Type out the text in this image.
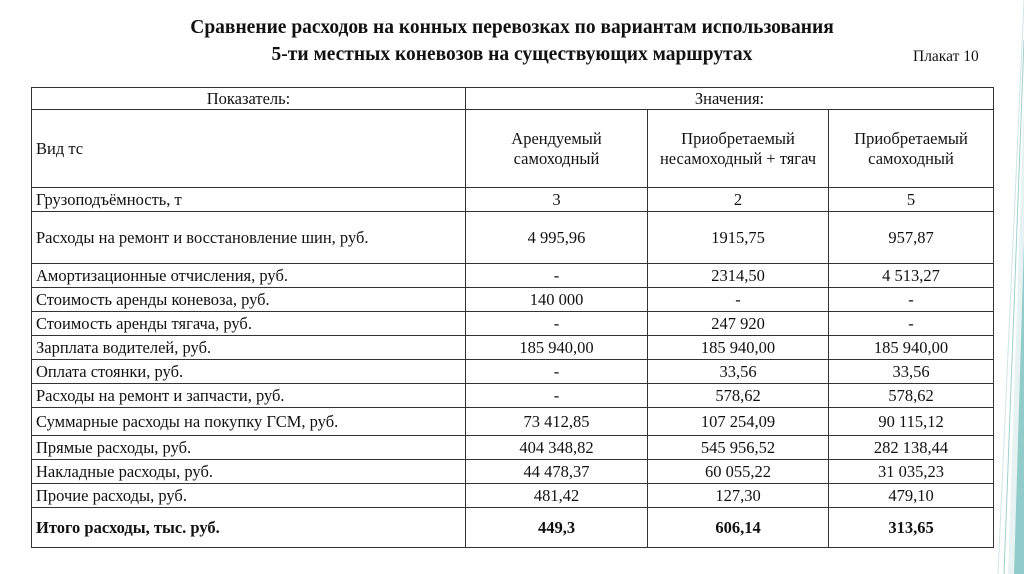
Сравнение расходов на конных перевозках по вариантам использования
5-ти местных коневозов на существующих маршрутах	Плакат 10
Показатель:	Значения:		
Вид тс	Арендуемый самоходный	Приобретаемый несамоходный + тягач	Приобретаемый самоходный
Грузоподъёмность, т	3	2	5
Расходы на ремонт и восстановление шин, руб.	4 995,96	1915,75	957,87
Амортизационные отчисления, руб.	-	2314,50	4 513,27
Стоимость аренды коневоза, руб.	140 000	-	-
Стоимость аренды тягача, руб.	-	247 920	-
Зарплата водителей, руб.	185 940,00	185 940,00	185 940,00
Оплата стоянки, руб.	-	33,56	33,56
Расходы на ремонт и запчасти, руб.	-	578,62	578,62
Суммарные расходы на покупку ГСМ, руб.	73 412,85	107 254,09	90 115,12
Прямые расходы, руб.	404 348,82	545 956,52	282 138,44
Накладные расходы, руб.	44 478,37	60 055,22	31 035,23
Прочие расходы, руб.	481,42	127,30	479,10
Итого расходы, тыс. руб.	449,3	606,14	313,65
